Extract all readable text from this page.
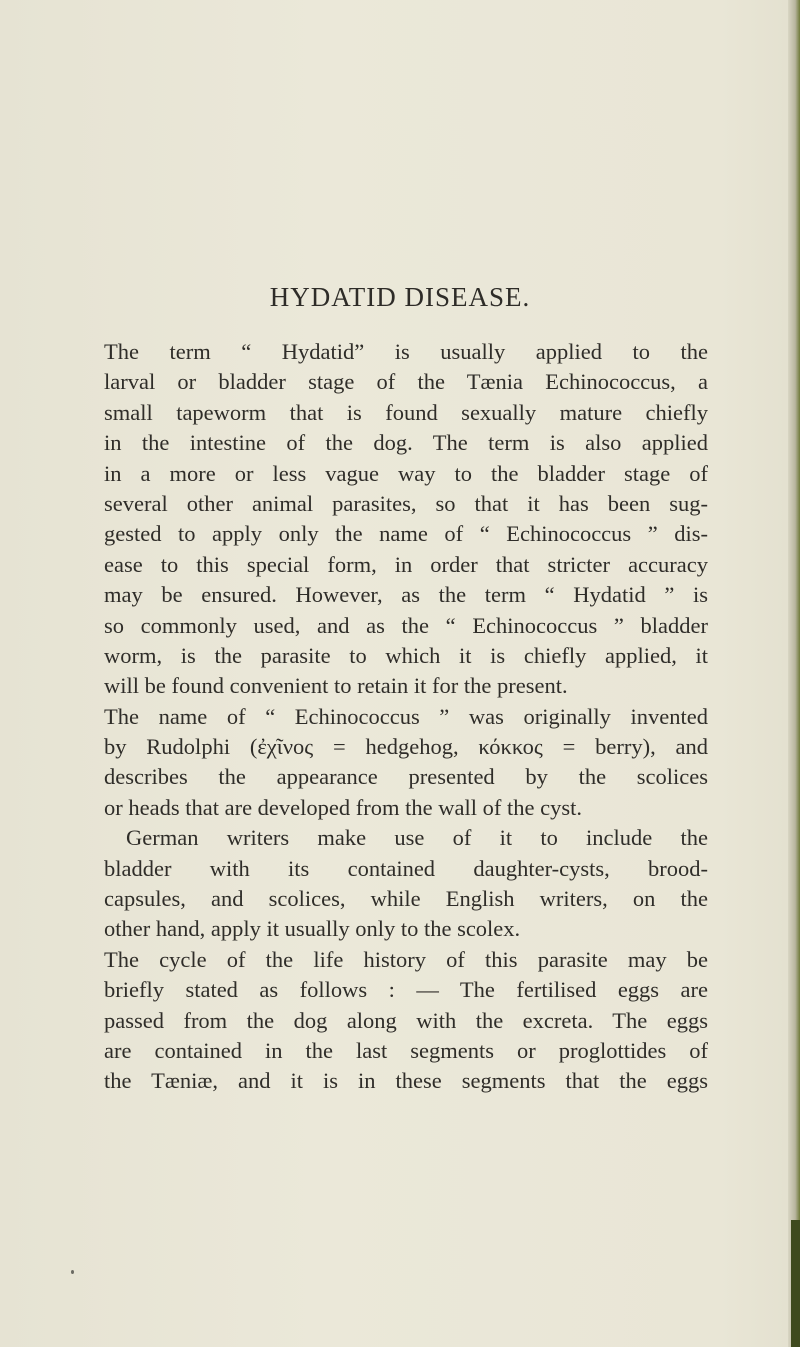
HYDATID DISEASE.
The term “ Hydatid” is usually applied to the
larval or bladder stage of the Tænia Echinococcus, a
small tapeworm that is found sexually mature chiefly
in the intestine of the dog. The term is also applied
in a more or less vague way to the bladder stage of
several other animal parasites, so that it has been sug-
gested to apply only the name of “ Echinococcus ” dis-
ease to this special form, in order that stricter accuracy
may be ensured. However, as the term “ Hydatid ” is
so commonly used, and as the “ Echinococcus ” bladder
worm, is the parasite to which it is chiefly applied, it
will be found convenient to retain it for the present.
The name of “ Echinococcus ” was originally invented
by Rudolphi (ἐχῖνος = hedgehog, κόκκος = berry), and
describes the appearance presented by the scolices
or heads that are developed from the wall of the cyst.
German writers make use of it to include the
bladder with its contained daughter-cysts, brood-
capsules, and scolices, while English writers, on the
other hand, apply it usually only to the scolex.
The cycle of the life history of this parasite may be
briefly stated as follows : — The fertilised eggs are
passed from the dog along with the excreta. The eggs
are contained in the last segments or proglottides of
the Tæniæ, and it is in these segments that the eggs
